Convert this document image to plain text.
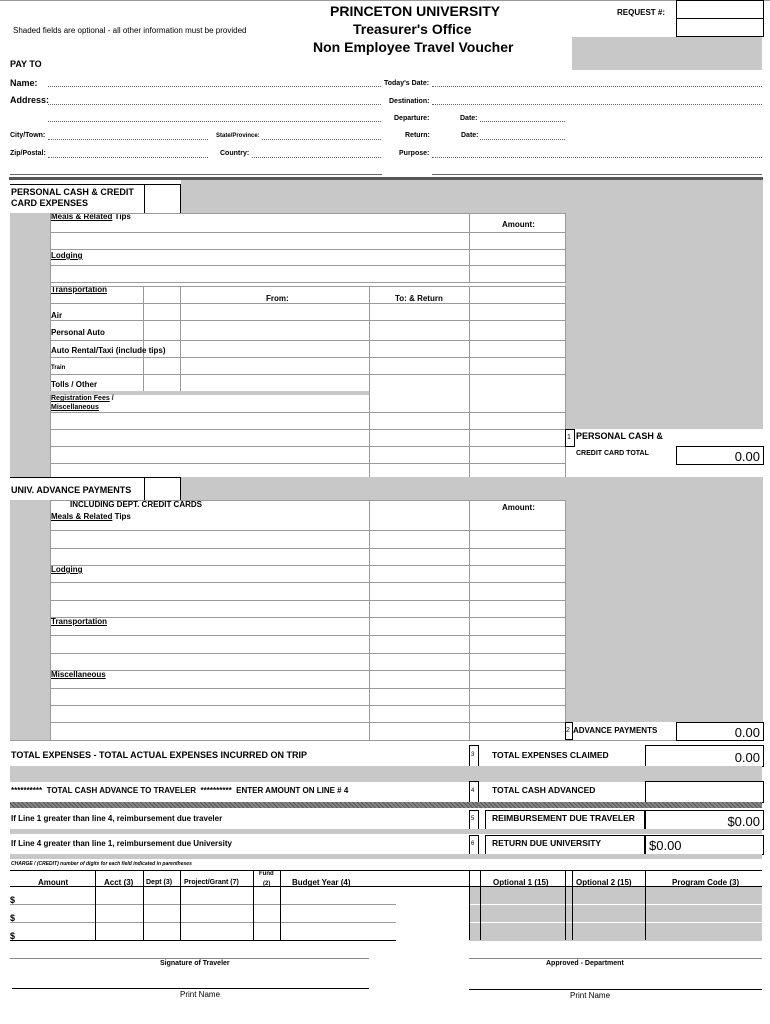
PRINCETON UNIVERSITY
Treasurer's Office
Non Employee Travel Voucher
REQUEST #:
Shaded fields are optional - all other information must be provided
PAY TO
Name:
Address:
City/Town:	State/Province:
Zip/Postal:	Country:
Today's Date:
Destination:
Departure:	Date:
Return:	Date:
Purpose:
PERSONAL CASH & CREDIT
CARD EXPENSES
Meals & Related Tips
Amount:
Lodging
Transportation
From:	To: & Return
Air
Personal Auto
Auto Rental/Taxi (include tips)
Train
Tolls / Other
Registration Fees /
Miscellaneous
1 PERSONAL CASH &
CREDIT CARD TOTAL	0.00
UNIV. ADVANCE PAYMENTS
INCLUDING DEPT. CREDIT CARDS
Meals & Related Tips
Amount:
Lodging
Transportation
Miscellaneous
2 ADVANCE PAYMENTS	0.00
TOTAL EXPENSES - TOTAL ACTUAL EXPENSES INCURRED ON TRIP	3 TOTAL EXPENSES CLAIMED	0.00
********** TOTAL CASH ADVANCE TO TRAVELER ********** ENTER AMOUNT ON LINE # 4	4 TOTAL CASH ADVANCED
If Line 1 greater than line 4, reimbursement due traveler	5 REIMBURSEMENT DUE TRAVELER	$0.00
If Line 4 greater than line 1, reimbursement due University	6 RETURN DUE UNIVERSITY	$0.00
CHARGE / (CREDIT) number of digits for each field indicated in parentheses
Amount	Acct (3) Dept (3) Project/Grant (7)
Fund
(2)	Budget Year (4)	Optional 1 (15)	Optional 2 (15)	Program Code (3)
$
$
$
Signature of Traveler	Approved - Department
Print Name	Print Name
